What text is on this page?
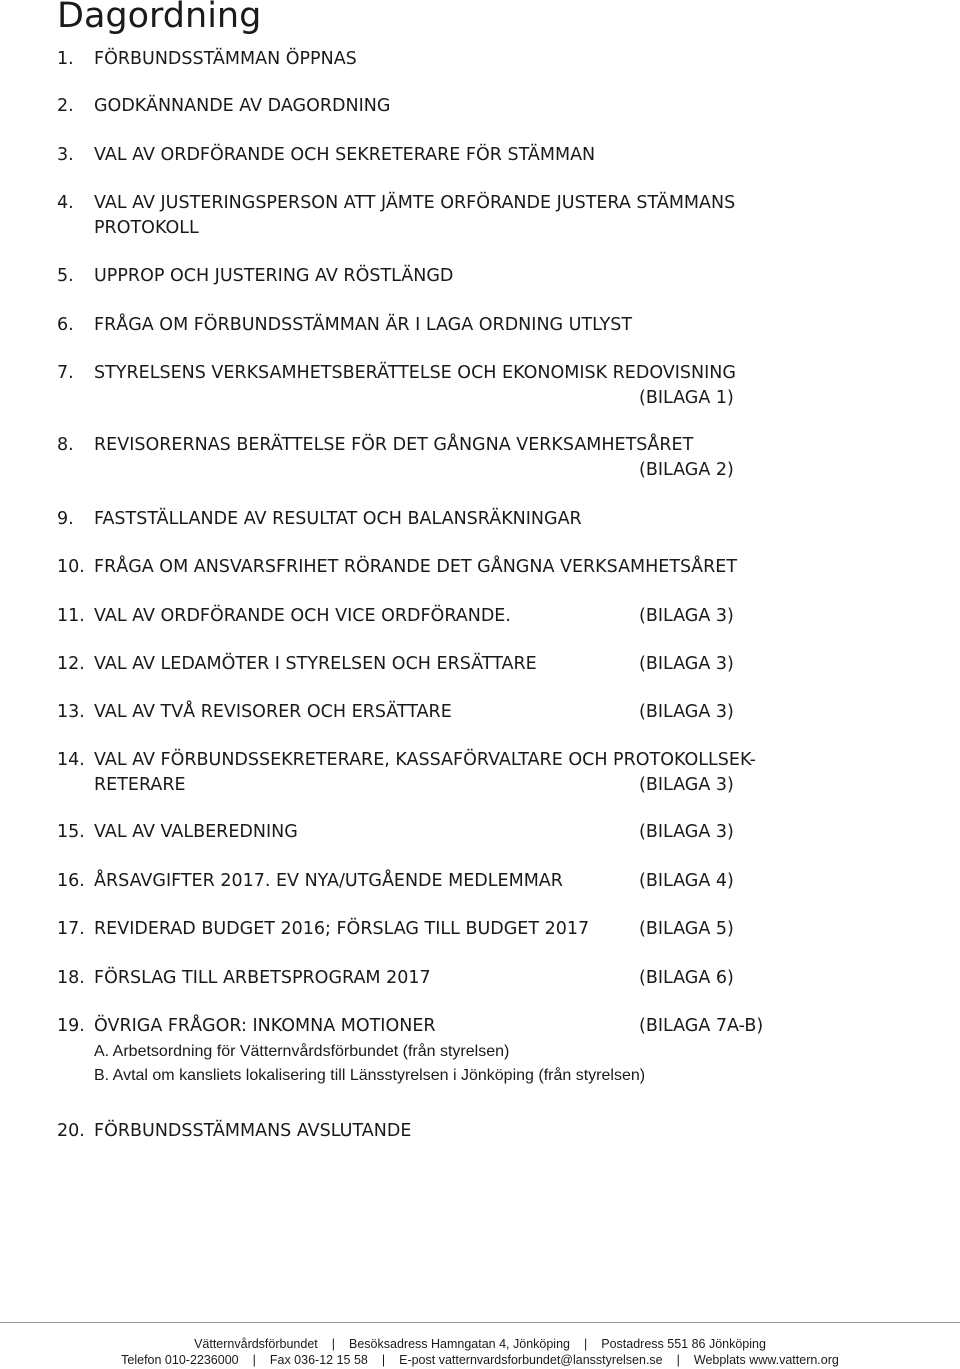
Dagordning
1. FÖRBUNDSSTÄMMAN ÖPPNAS
2. GODKÄNNANDE AV DAGORDNING
3. VAL AV ORDFÖRANDE OCH SEKRETERARE FÖR STÄMMAN
4. VAL AV JUSTERINGSPERSON ATT JÄMTE ORFÖRANDE JUSTERA STÄMMANS
PROTOKOLL
5. UPPROP OCH JUSTERING AV RÖSTLÄNGD
6. FRÅGA OM FÖRBUNDSSTÄMMAN ÄR I LAGA ORDNING UTLYST
7. STYRELSENS VERKSAMHETSBERÄTTELSE OCH EKONOMISK REDOVISNING
(BILAGA 1)
8. REVISORERNAS BERÄTTELSE FÖR DET GÅNGNA VERKSAMHETSÅRET
(BILAGA 2)
9. FASTSTÄLLANDE AV RESULTAT OCH BALANSRÄKNINGAR
10. FRÅGA OM ANSVARSFRIHET RÖRANDE DET GÅNGNA VERKSAMHETSÅRET
11. VAL AV ORDFÖRANDE OCH VICE ORDFÖRANDE.	(BILAGA 3)
12. VAL AV LEDAMÖTER I STYRELSEN OCH ERSÄTTARE	(BILAGA 3)
13. VAL AV TVÅ REVISORER OCH ERSÄTTARE	(BILAGA 3)
14. VAL AV FÖRBUNDSSEKRETERARE, KASSAFÖRVALTARE OCH PROTOKOLLSEK-
RETERARE	(BILAGA 3)
15. VAL AV VALBEREDNING	(BILAGA 3)
16. ÅRSAVGIFTER 2017. EV NYA/UTGÅENDE MEDLEMMAR	(BILAGA 4)
17. REVIDERAD BUDGET 2016; FÖRSLAG TILL BUDGET 2017	(BILAGA 5)
18. FÖRSLAG TILL ARBETSPROGRAM 2017	(BILAGA 6)
19. ÖVRIGA FRÅGOR: INKOMNA MOTIONER	(BILAGA 7A-B)
A. Arbetsordning för Vätternvårdsförbundet (från styrelsen)
B. Avtal om kansliets lokalisering till Länsstyrelsen i Jönköping (från styrelsen)
20. FÖRBUNDSSTÄMMANS AVSLUTANDE
Vätternvårdsförbundet | Besöksadress Hamngatan 4, Jönköping | Postadress 551 86 Jönköping
Telefon 010-2236000 | Fax 036-12 15 58 | E-post vatternvardsforbundet@lansstyrelsen.se | Webplats www.vattern.org
